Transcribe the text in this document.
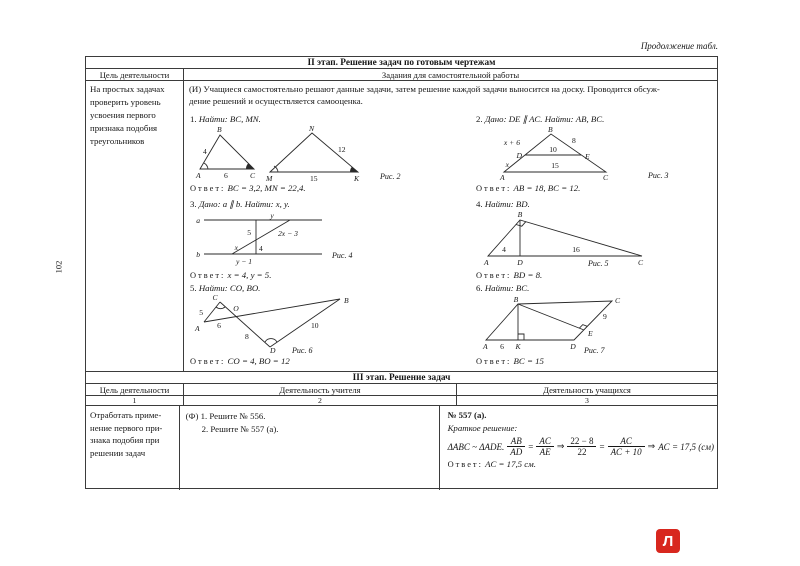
Продолжение табл.
102
II этап. Решение задач по готовым чертежам
Цель деятельности	Задания для самостоятельной работы
На простых задачах
проверить уровень
усвоения первого
признака подобия
треугольников
(И) Учащиеся самостоятельно решают данные задачи, затем решение каждой задачи выносится на доску. Проводится обсуж-
дение решений и осуществляется самооценка.
1. Найти: BC, MN.
B
4
A	6	C
N
12
M	15	K	Рис. 2
Ответ: BC = 3,2, MN = 22,4.
2. Дано: DE ∥ AC. Найти: AB, BC.
B
x + 6	8
10
D	E
x	15
A	C	Рис. 3
Ответ: AB = 18, BC = 12.
3. Дано: a ∥ b. Найти: x, y.
a
y
5	2x − 3
x	4
b
y − 1
Рис. 4
Ответ: x = 4, y = 5.
4. Найти: BD.
B
4	16
A	D	C
Рис. 5
Ответ: BD = 8.
5. Найти: CO, BO.
C
O
B
5
A 6
8
10
D Рис. 6
Ответ: CO = 4, BO = 12
6. Найти: BC.
B	C
9
E
A 6 K	D Рис. 7
Ответ: BC = 15
III этап. Решение задач
Цель деятельности	Деятельность учителя	Деятельность учащихся
1	2	3
Отработать приме-
нение первого при-
знака подобия при
решении задач
(Ф) 1. Решите № 556.
2. Решите № 557 (а).
№ 557 (а).
Краткое решение:
ΔABC ~ ΔADE. $\frac{AB}{AD} = \frac{AC}{AE}$ ⇒ $\frac{22 - 8}{22} = \frac{AC}{AC + 10}$ ⇒ AC = 17,5 (см)
Ответ: AC = 17,5 см.
Л
